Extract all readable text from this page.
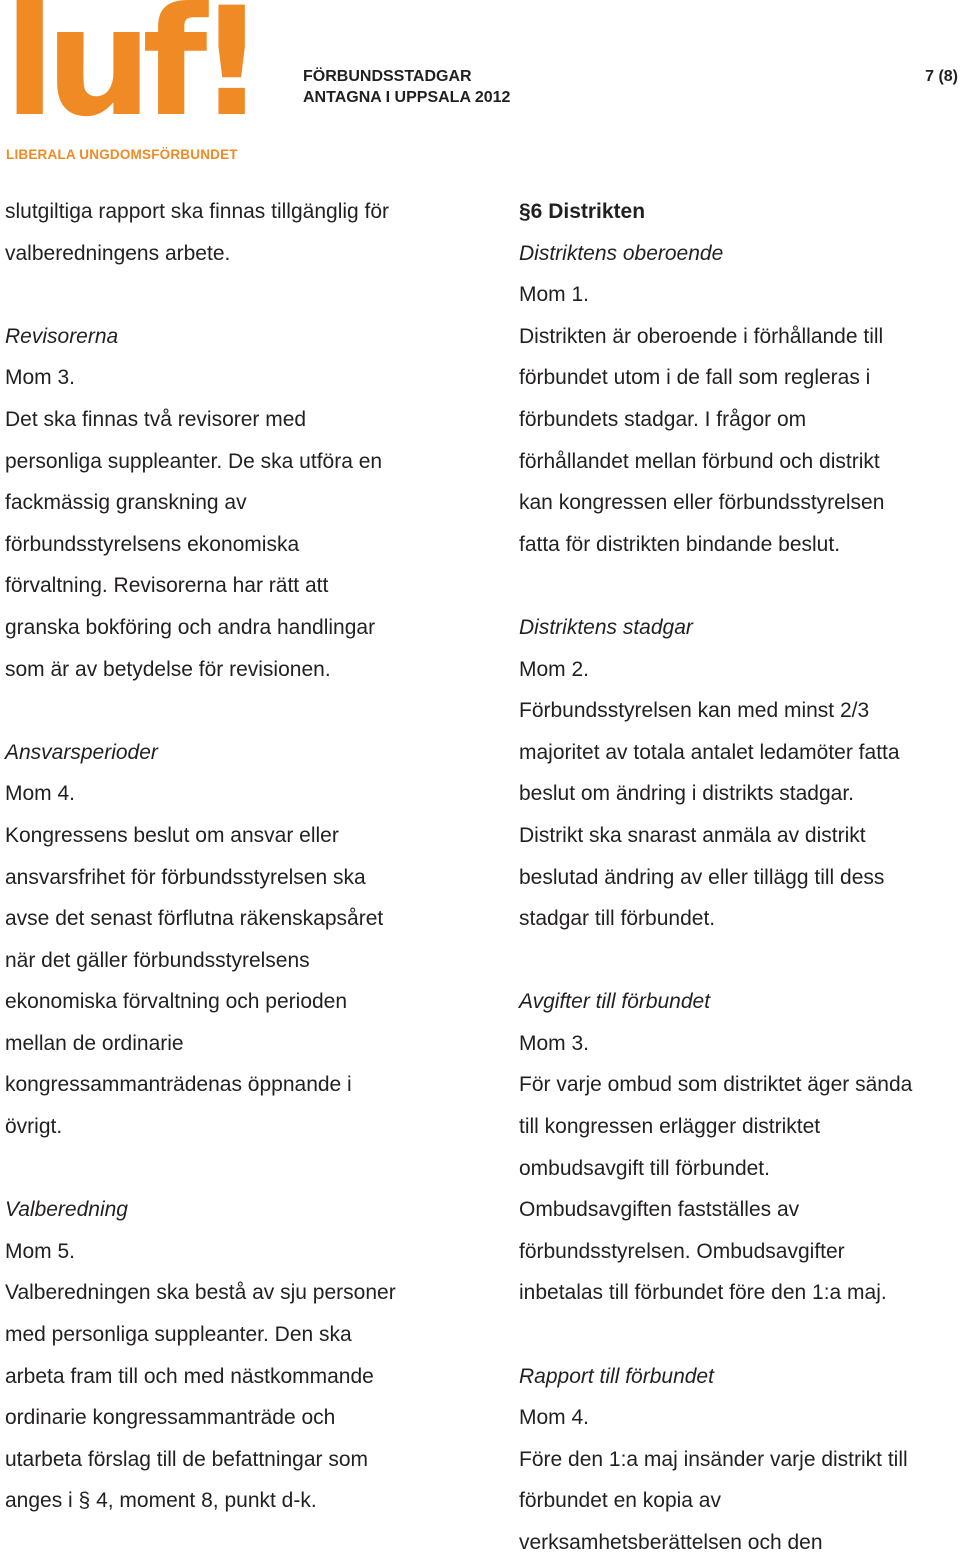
luf!
LIBERALA UNGDOMSFÖRBUNDET
FÖRBUNDSSTADGAR
ANTAGNA I UPPSALA 2012
7 (8)

slutgiltiga rapport ska finnas tillgänglig för

valberedningens arbete.

Revisorerna

Mom 3.

Det ska finnas två revisorer med

personliga suppleanter. De ska utföra en

fackmässig granskning av

förbundsstyrelsens ekonomiska

förvaltning. Revisorerna har rätt att

granska bokföring och andra handlingar

som är av betydelse för revisionen.

Ansvarsperioder

Mom 4.

Kongressens beslut om ansvar eller

ansvarsfrihet för förbundsstyrelsen ska

avse det senast förflutna räkenskapsåret

när det gäller förbundsstyrelsens

ekonomiska förvaltning och perioden

mellan de ordinarie

kongressammanträdenas öppnande i

övrigt.

Valberedning

Mom 5.

Valberedningen ska bestå av sju personer

med personliga suppleanter. Den ska

arbeta fram till och med nästkommande

ordinarie kongressammanträde och

utarbeta förslag till de befattningar som

anges i § 4, moment 8, punkt d-k.

§6 Distrikten

Distriktens oberoende

Mom 1.

Distrikten är oberoende i förhållande till

förbundet utom i de fall som regleras i

förbundets stadgar. I frågor om

förhållandet mellan förbund och distrikt

kan kongressen eller förbundsstyrelsen

fatta för distrikten bindande beslut.

Distriktens stadgar

Mom 2.

Förbundsstyrelsen kan med minst 2/3

majoritet av totala antalet ledamöter fatta

beslut om ändring i distrikts stadgar.

Distrikt ska snarast anmäla av distrikt

beslutad ändring av eller tillägg till dess

stadgar till förbundet.

Avgifter till förbundet

Mom 3.

För varje ombud som distriktet äger sända

till kongressen erlägger distriktet

ombudsavgift till förbundet.

Ombudsavgiften fastställes av

förbundsstyrelsen. Ombudsavgifter

inbetalas till förbundet före den 1:a maj.

Rapport till förbundet

Mom 4.

Före den 1:a maj insänder varje distrikt till

förbundet en kopia av

verksamhetsberättelsen och den
